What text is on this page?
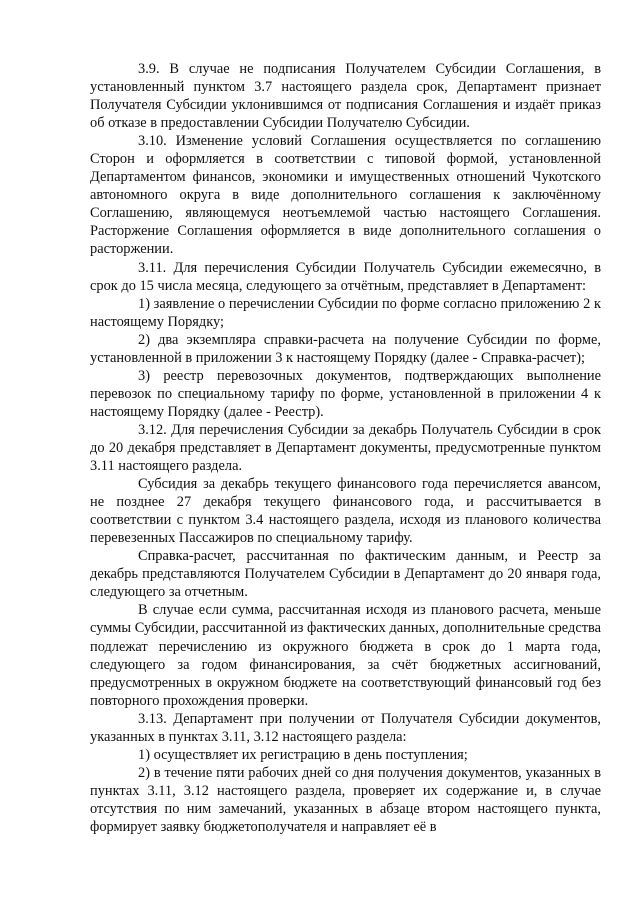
3.9. В случае не подписания Получателем Субсидии Соглашения, в установленный пунктом 3.7 настоящего раздела срок, Департамент признает Получателя Субсидии уклонившимся от подписания Соглашения и издаёт приказ об отказе в предоставлении Субсидии Получателю Субсидии.

3.10. Изменение условий Соглашения осуществляется по соглашению Сторон и оформляется в соответствии с типовой формой, установленной Департаментом финансов, экономики и имущественных отношений Чукотского автономного округа в виде дополнительного соглашения к заключённому Соглашению, являющемуся неотъемлемой частью настоящего Соглашения. Расторжение Соглашения оформляется в виде дополнительного соглашения о расторжении.

3.11. Для перечисления Субсидии Получатель Субсидии ежемесячно, в срок до 15 числа месяца, следующего за отчётным, представляет в Департамент:

1) заявление о перечислении Субсидии по форме согласно приложению 2 к настоящему Порядку;

2) два экземпляра справки-расчета на получение Субсидии по форме, установленной в приложении 3 к настоящему Порядку (далее - Справка-расчет);

3) реестр перевозочных документов, подтверждающих выполнение перевозок по специальному тарифу по форме, установленной в приложении 4 к настоящему Порядку (далее - Реестр).

3.12. Для перечисления Субсидии за декабрь Получатель Субсидии в срок до 20 декабря представляет в Департамент документы, предусмотренные пунктом 3.11 настоящего раздела.

Субсидия за декабрь текущего финансового года перечисляется авансом, не позднее 27 декабря текущего финансового года, и рассчитывается в соответствии с пунктом 3.4 настоящего раздела, исходя из планового количества перевезенных Пассажиров по специальному тарифу.

Справка-расчет, рассчитанная по фактическим данным, и Реестр за декабрь представляются Получателем Субсидии в Департамент до 20 января года, следующего за отчетным.

В случае если сумма, рассчитанная исходя из планового расчета, меньше суммы Субсидии, рассчитанной из фактических данных, дополнительные средства подлежат перечислению из окружного бюджета в срок до 1 марта года, следующего за годом финансирования, за счёт бюджетных ассигнований, предусмотренных в окружном бюджете на соответствующий финансовый год без повторного прохождения проверки.

3.13. Департамент при получении от Получателя Субсидии документов, указанных в пунктах 3.11, 3.12 настоящего раздела:

1) осуществляет их регистрацию в день поступления;

2) в течение пяти рабочих дней со дня получения документов, указанных в пунктах 3.11, 3.12 настоящего раздела, проверяет их содержание и, в случае отсутствия по ним замечаний, указанных в абзаце втором настоящего пункта, формирует заявку бюджетополучателя и направляет её в
